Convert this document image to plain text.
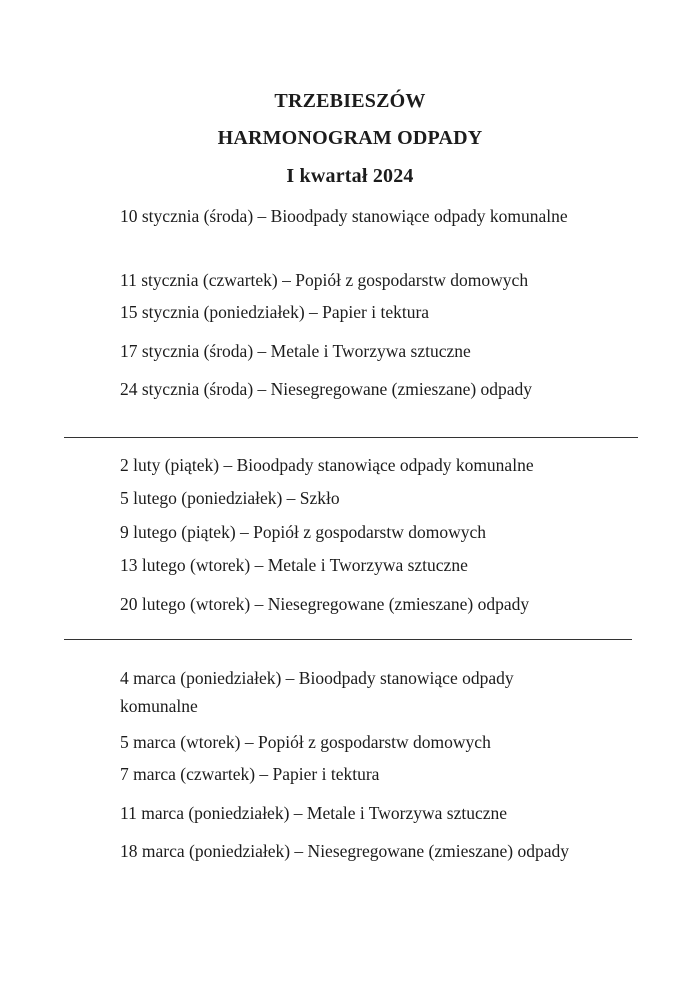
TRZEBIESZÓW
HARMONOGRAM ODPADY
I kwartał 2024
10 stycznia (środa) – Bioodpady stanowiące odpady komunalne
11 stycznia (czwartek) – Popiół z gospodarstw domowych
15 stycznia (poniedziałek) – Papier i tektura
17 stycznia (środa) – Metale i Tworzywa sztuczne
24 stycznia (środa) – Niesegregowane (zmieszane) odpady
2 luty (piątek) – Bioodpady stanowiące odpady komunalne
5 lutego (poniedziałek) – Szkło
9 lutego (piątek) – Popiół z gospodarstw domowych
13 lutego (wtorek) – Metale i Tworzywa sztuczne
20 lutego (wtorek) – Niesegregowane (zmieszane) odpady
4 marca (poniedziałek) – Bioodpady stanowiące odpady komunalne
5 marca (wtorek) – Popiół z gospodarstw domowych
7 marca (czwartek) – Papier i tektura
11 marca (poniedziałek) – Metale i Tworzywa sztuczne
18 marca (poniedziałek) – Niesegregowane (zmieszane) odpady
